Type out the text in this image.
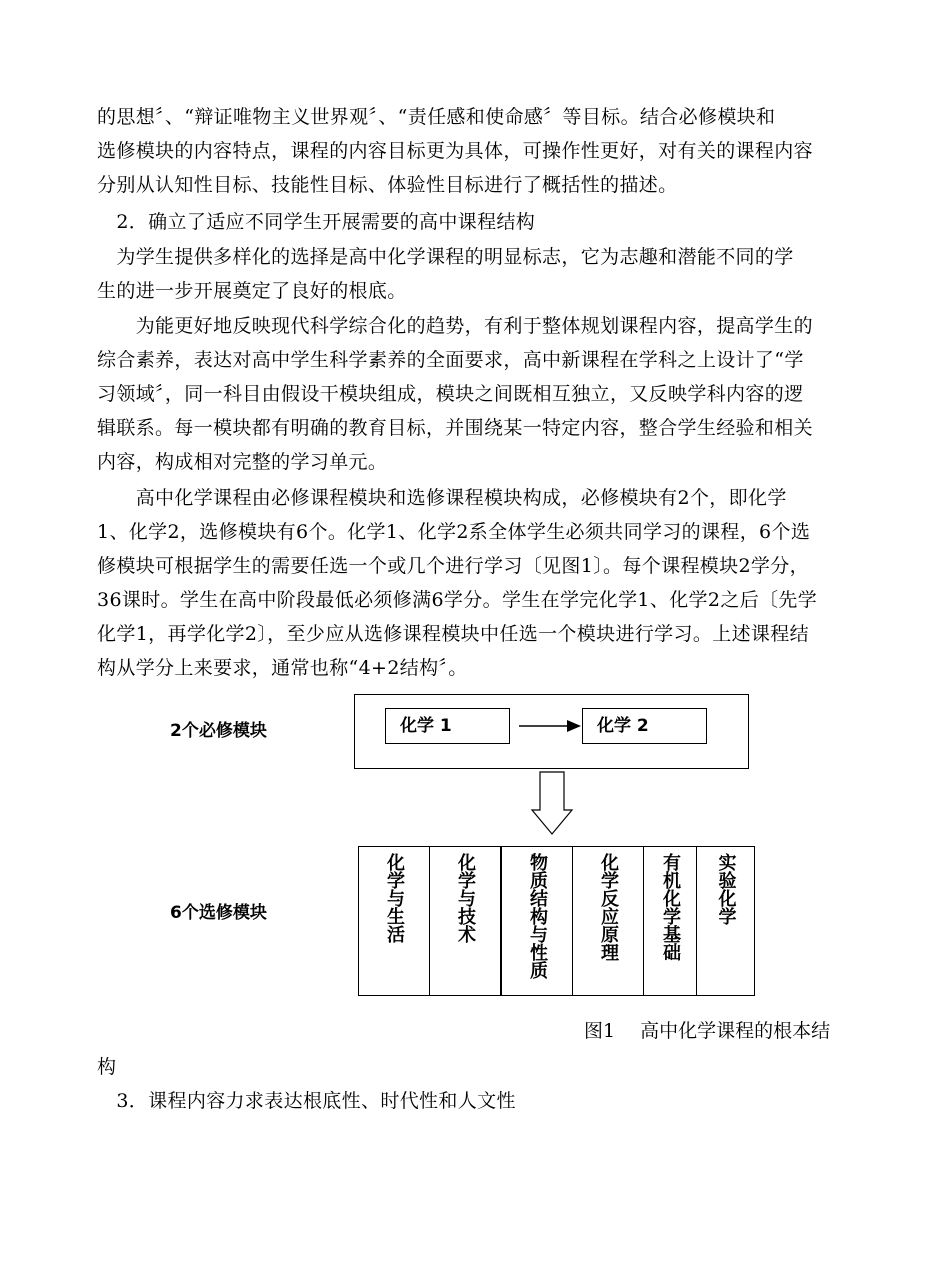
的思想〞、“辩证唯物主义世界观〞、“责任感和使命感〞等目标。结合必修模块和
选修模块的内容特点，课程的内容目标更为具体，可操作性更好，对有关的课程内容
分别从认知性目标、技能性目标、体验性目标进行了概括性的描述。
　2．确立了适应不同学生开展需要的高中课程结构
　为学生提供多样化的选择是高中化学课程的明显标志，它为志趣和潜能不同的学
生的进一步开展奠定了良好的根底。
　　为能更好地反映现代科学综合化的趋势，有利于整体规划课程内容，提高学生的
综合素养，表达对高中学生科学素养的全面要求，高中新课程在学科之上设计了“学
习领域〞，同一科目由假设干模块组成，模块之间既相互独立，又反映学科内容的逻
辑联系。每一模块都有明确的教育目标，并围绕某一特定内容，整合学生经验和相关
内容，构成相对完整的学习单元。
　　高中化学课程由必修课程模块和选修课程模块构成，必修模块有2个，即化学
1、化学2，选修模块有6个。化学1、化学2系全体学生必须共同学习的课程，6个选
修模块可根据学生的需要任选一个或几个进行学习〔见图1〕。每个课程模块2学分，
36课时。学生在高中阶段最低必须修满6学分。学生在学完化学1、化学2之后〔先学
化学1，再学化学2〕，至少应从选修课程模块中任选一个模块进行学习。上述课程结
构从学分上来要求，通常也称“4+2结构〞。
2个必修模块	化学 1	化学 2
6个选修模块	化学与生活	化学与技术	物质结构与性质	化学反应原理 有机化学基础 实验化学
图1　 高中化学课程的根本结
构
　3．课程内容力求表达根底性、时代性和人文性
